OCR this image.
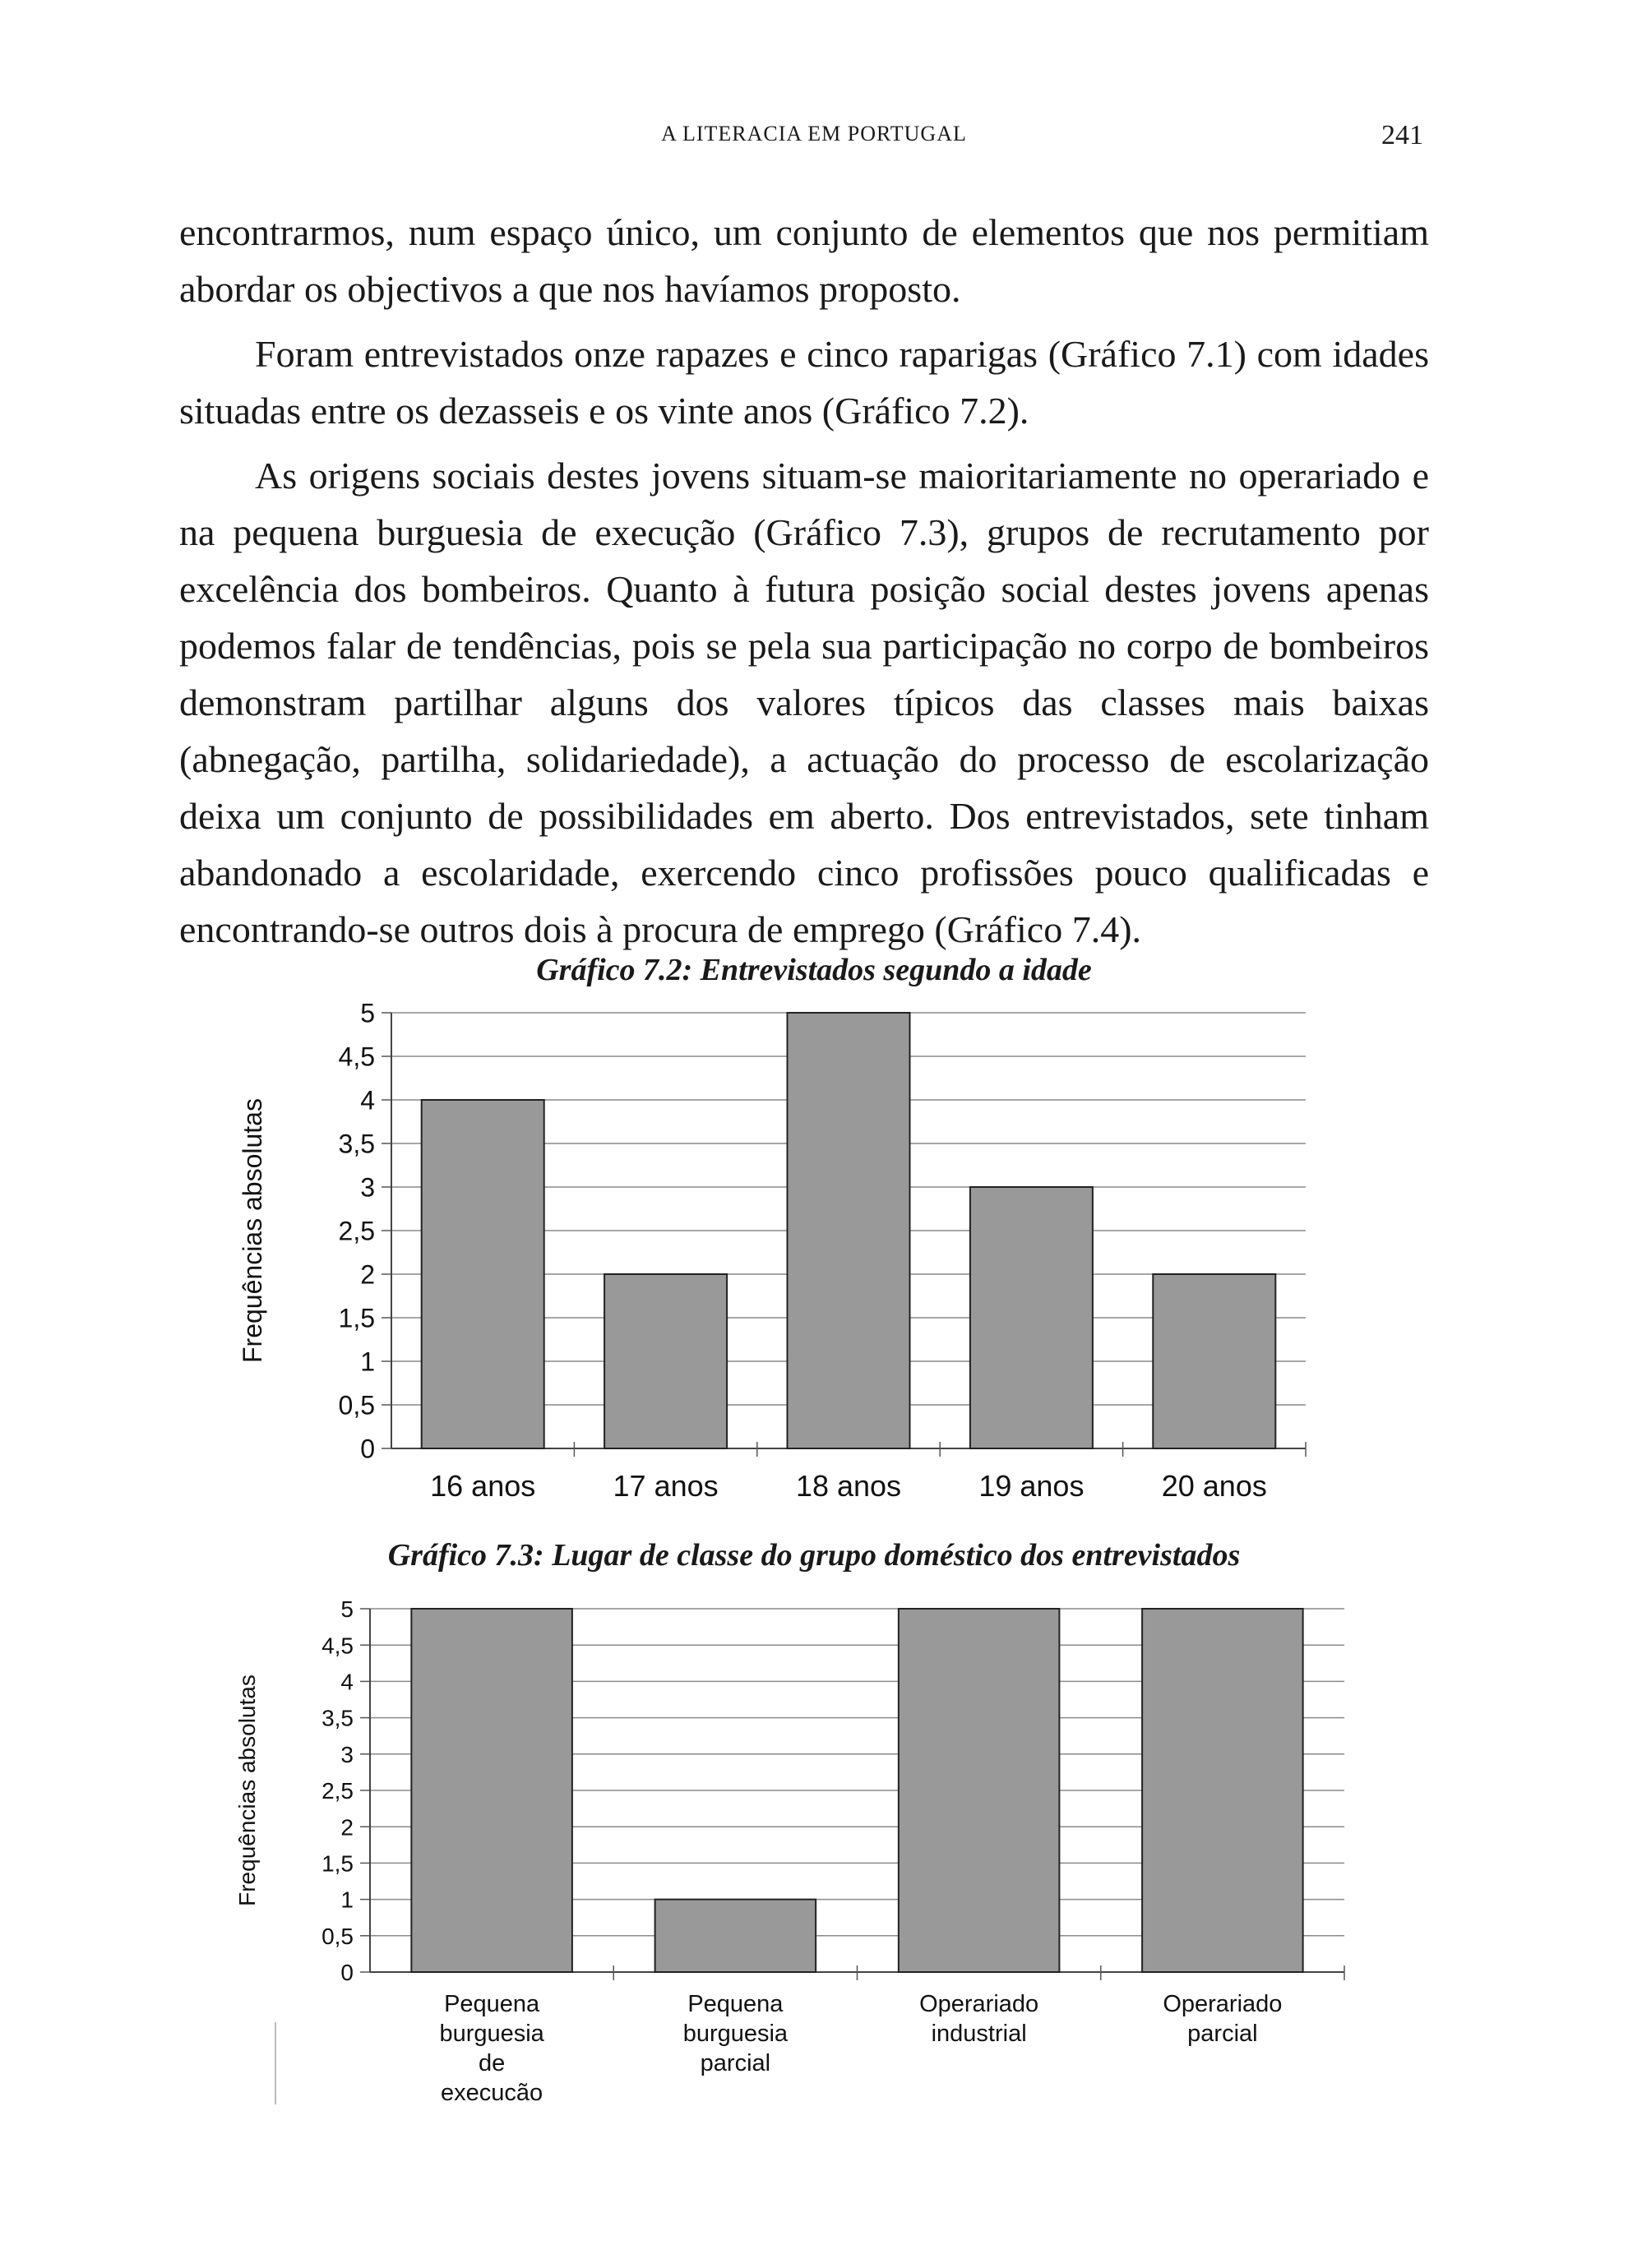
A LITERACIA EM PORTUGAL	241

encontrarmos, num espaço único, um conjunto de elementos que nos permitiam abordar os objectivos a que nos havíamos proposto.

Foram entrevistados onze rapazes e cinco raparigas (Gráfico 7.1) com idades situadas entre os dezasseis e os vinte anos (Gráfico 7.2).

As origens sociais destes jovens situam-se maioritariamente no operariado e na pequena burguesia de execução (Gráfico 7.3), grupos de recrutamento por excelência dos bombeiros. Quanto à futura posição social destes jovens apenas podemos falar de tendências, pois se pela sua participação no corpo de bombeiros demonstram partilhar alguns dos valores típicos das classes mais baixas (abnegação, partilha, solidariedade), a actuação do processo de escolarização deixa um conjunto de possibilidades em aberto. Dos entrevistados, sete tinham abandonado a escolaridade, exercendo cinco profissões pouco qualificadas e encontrando-se outros dois à procura de emprego (Gráfico 7.4).

Gráfico 7.2: Entrevistados segundo a idade
0
0,5
1
1,5
2
2,5
3
3,5
4
4,5
5
16 anos	17 anos	18 anos	19 anos	20 anos
Frequências absolutas
Gráfico 7.3: Lugar de classe do grupo doméstico dos entrevistados
0
0,5
1
1,5
2
2,5
3
3,5
4
4,5
5
Pequena
burguesia
de
execucão
Pequena
burguesia
parcial
Operariado
industrial
Operariado
parcial
Frequências absolutas
